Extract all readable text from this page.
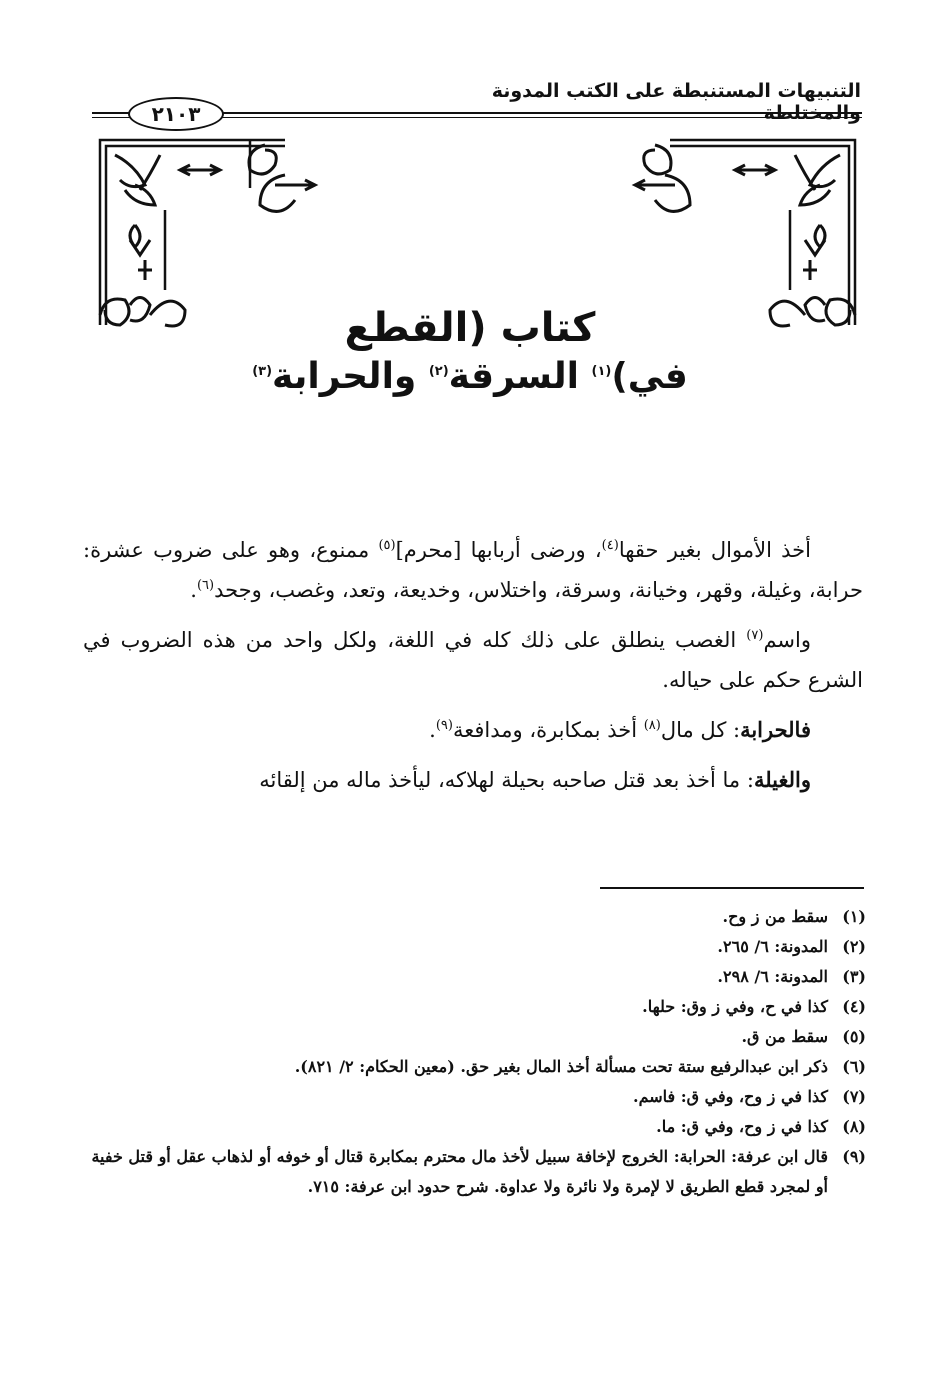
التنبيهات المستنبطة على الكتب المدونة والمختلطة
٢١٠٣
كتاب (القطع
في)$^{(١)}$ السرقة$^{(٢)}$ والحرابة$^{(٣)}$

أخذ الأموال بغير حقها$^{(٤)}$، ورضى أربابها [محرم]$^{(٥)}$ ممنوع، وهو على ضروب عشرة: حرابة، وغيلة، وقهر، وخيانة، وسرقة، واختلاس، وخديعة، وتعد، وغصب، وجحد$^{(٦)}$.

واسم$^{(٧)}$ الغصب ينطلق على ذلك كله في اللغة، ولكل واحد من هذه الضروب في الشرع حكم على حياله.

فالحرابة: كل مال$^{(٨)}$ أخذ بمكابرة، ومدافعة$^{(٩)}$.

والغيلة: ما أخذ بعد قتل صاحبه بحيلة لهلاكه، ليأخذ ماله من إلقائه

(١)
سقط من ز وح.
(٢)
المدونة: ٦/ ٢٦٥.
(٣)
المدونة: ٦/ ٢٩٨.
(٤)
كذا في ح، وفي ز وق: حلها.
(٥)
سقط من ق.
(٦)
ذكر ابن عبدالرفيع ستة تحت مسألة أخذ المال بغير حق. (معين الحكام: ٢/ ٨٢١).
(٧)
كذا في ز وح، وفي ق: فاسم.
(٨)
كذا في ز وح، وفي ق: ما.
(٩)
قال ابن عرفة: الحرابة: الخروج لإخافة سبيل لأخذ مال محترم بمكابرة قتال أو خوفه أو لذهاب عقل أو قتل خفية أو لمجرد قطع الطريق لا لإمرة ولا نائرة ولا عداوة. شرح حدود ابن عرفة: ٧١٥.
